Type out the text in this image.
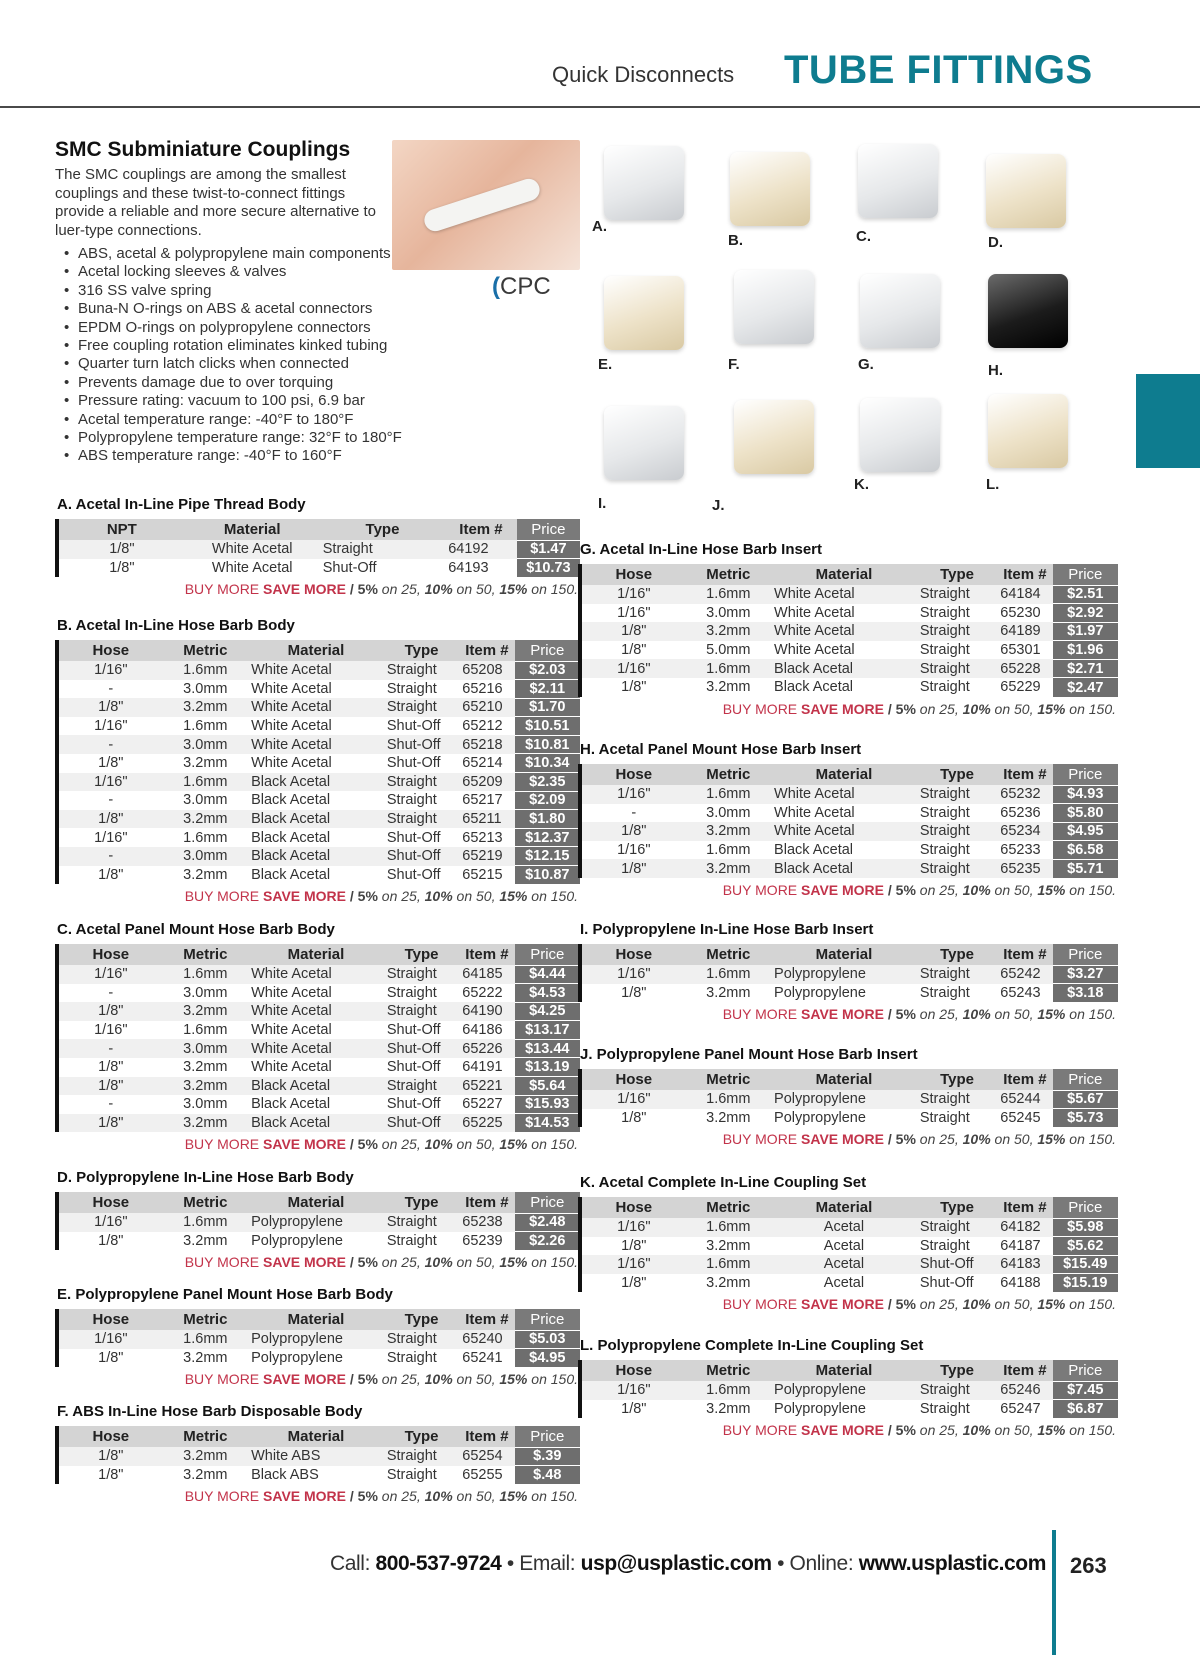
Quick Disconnects TUBE FITTINGS
SMC Subminiature Couplings
The SMC couplings are among the smallest couplings and these twist-to-connect fittings provide a reliable and more secure alternative to luer-type connections.
• ABS, acetal & polypropylene main components
• Acetal locking sleeves & valves
• 316 SS valve spring
• Buna-N O-rings on ABS & acetal connectors
• EPDM O-rings on polypropylene connectors
• Free coupling rotation eliminates kinked tubing
• Quarter turn latch clicks when connected
• Prevents damage due to over torquing
• Pressure rating: vacuum to 100 psi, 6.9 bar
• Acetal temperature range: -40°F to 180°F
• Polypropylene temperature range: 32°F to 180°F
• ABS temperature range: -40°F to 160°F
(CPC
A. Acetal In-Line Pipe Thread Body
NPT	Material	Type	Item #	Price
1/8"	White Acetal	Straight	64192	$1.47
1/8"	White Acetal	Shut-Off	64193	$10.73
BUY MORE SAVE MORE / 5% on 25, 10% on 50, 15% on 150.
B. Acetal In-Line Hose Barb Body
Hose	Metric	Material	Type	Item #	Price
1/16"	1.6mm	White Acetal	Straight	65208	$2.03
-	3.0mm	White Acetal	Straight	65216	$2.11
1/8"	3.2mm	White Acetal	Straight	65210	$1.70
1/16"	1.6mm	White Acetal	Shut-Off	65212	$10.51
-	3.0mm	White Acetal	Shut-Off	65218	$10.81
1/8"	3.2mm	White Acetal	Shut-Off	65214	$10.34
1/16"	1.6mm	Black Acetal	Straight	65209	$2.35
-	3.0mm	Black Acetal	Straight	65217	$2.09
1/8"	3.2mm	Black Acetal	Straight	65211	$1.80
1/16"	1.6mm	Black Acetal	Shut-Off	65213	$12.37
-	3.0mm	Black Acetal	Shut-Off	65219	$12.15
1/8"	3.2mm	Black Acetal	Shut-Off	65215	$10.87
BUY MORE SAVE MORE / 5% on 25, 10% on 50, 15% on 150.
C. Acetal Panel Mount Hose Barb Body
Hose	Metric	Material	Type	Item #	Price
1/16"	1.6mm	White Acetal	Straight	64185	$4.44
-	3.0mm	White Acetal	Straight	65222	$4.53
1/8"	3.2mm	White Acetal	Straight	64190	$4.25
1/16"	1.6mm	White Acetal	Shut-Off	64186	$13.17
-	3.0mm	White Acetal	Shut-Off	65226	$13.44
1/8"	3.2mm	White Acetal	Shut-Off	64191	$13.19
1/8"	3.2mm	Black Acetal	Straight	65221	$5.64
-	3.0mm	Black Acetal	Shut-Off	65227	$15.93
1/8"	3.2mm	Black Acetal	Shut-Off	65225	$14.53
BUY MORE SAVE MORE / 5% on 25, 10% on 50, 15% on 150.
D. Polypropylene In-Line Hose Barb Body
Hose	Metric	Material	Type	Item #	Price
1/16"	1.6mm	Polypropylene	Straight	65238	$2.48
1/8"	3.2mm	Polypropylene	Straight	65239	$2.26
BUY MORE SAVE MORE / 5% on 25, 10% on 50, 15% on 150.
E. Polypropylene Panel Mount Hose Barb Body
Hose	Metric	Material	Type	Item #	Price
1/16"	1.6mm	Polypropylene	Straight	65240	$5.03
1/8"	3.2mm	Polypropylene	Straight	65241	$4.95
BUY MORE SAVE MORE / 5% on 25, 10% on 50, 15% on 150.
F. ABS In-Line Hose Barb Disposable Body
Hose	Metric	Material	Type	Item #	Price
1/8"	3.2mm	White ABS	Straight	65254	$.39
1/8"	3.2mm	Black ABS	Straight	65255	$.48
BUY MORE SAVE MORE / 5% on 25, 10% on 50, 15% on 150.
G. Acetal In-Line Hose Barb Insert
Hose	Metric	Material	Type	Item #	Price
1/16"	1.6mm	White Acetal	Straight	64184	$2.51
1/16"	3.0mm	White Acetal	Straight	65230	$2.92
1/8"	3.2mm	White Acetal	Straight	64189	$1.97
1/8"	5.0mm	White Acetal	Straight	65301	$1.96
1/16"	1.6mm	Black Acetal	Straight	65228	$2.71
1/8"	3.2mm	Black Acetal	Straight	65229	$2.47
BUY MORE SAVE MORE / 5% on 25, 10% on 50, 15% on 150.
H. Acetal Panel Mount Hose Barb Insert
Hose	Metric	Material	Type	Item #	Price
1/16"	1.6mm	White Acetal	Straight	65232	$4.93
-	3.0mm	White Acetal	Straight	65236	$5.80
1/8"	3.2mm	White Acetal	Straight	65234	$4.95
1/16"	1.6mm	Black Acetal	Straight	65233	$6.58
1/8"	3.2mm	Black Acetal	Straight	65235	$5.71
BUY MORE SAVE MORE / 5% on 25, 10% on 50, 15% on 150.
I. Polypropylene In-Line Hose Barb Insert
Hose	Metric	Material	Type	Item #	Price
1/16"	1.6mm	Polypropylene	Straight	65242	$3.27
1/8"	3.2mm	Polypropylene	Straight	65243	$3.18
BUY MORE SAVE MORE / 5% on 25, 10% on 50, 15% on 150.
J. Polypropylene Panel Mount Hose Barb Insert
Hose	Metric	Material	Type	Item #	Price
1/16"	1.6mm	Polypropylene	Straight	65244	$5.67
1/8"	3.2mm	Polypropylene	Straight	65245	$5.73
BUY MORE SAVE MORE / 5% on 25, 10% on 50, 15% on 150.
K. Acetal Complete In-Line Coupling Set
Hose	Metric	Material	Type	Item #	Price
1/16"	1.6mm	Acetal	Straight	64182	$5.98
1/8"	3.2mm	Acetal	Straight	64187	$5.62
1/16"	1.6mm	Acetal	Shut-Off	64183	$15.49
1/8"	3.2mm	Acetal	Shut-Off	64188	$15.19
BUY MORE SAVE MORE / 5% on 25, 10% on 50, 15% on 150.
L. Polypropylene Complete In-Line Coupling Set
Hose	Metric	Material	Type	Item #	Price
1/16"	1.6mm	Polypropylene	Straight	65246	$7.45
1/8"	3.2mm	Polypropylene	Straight	65247	$6.87
BUY MORE SAVE MORE / 5% on 25, 10% on 50, 15% on 150.
Call: 800-537-9724 • Email: usp@usplastic.com • Online: www.usplastic.com 263
A.
B.	C.	D.
E.	F.	G.	H.
I.	J.
K.	L.
